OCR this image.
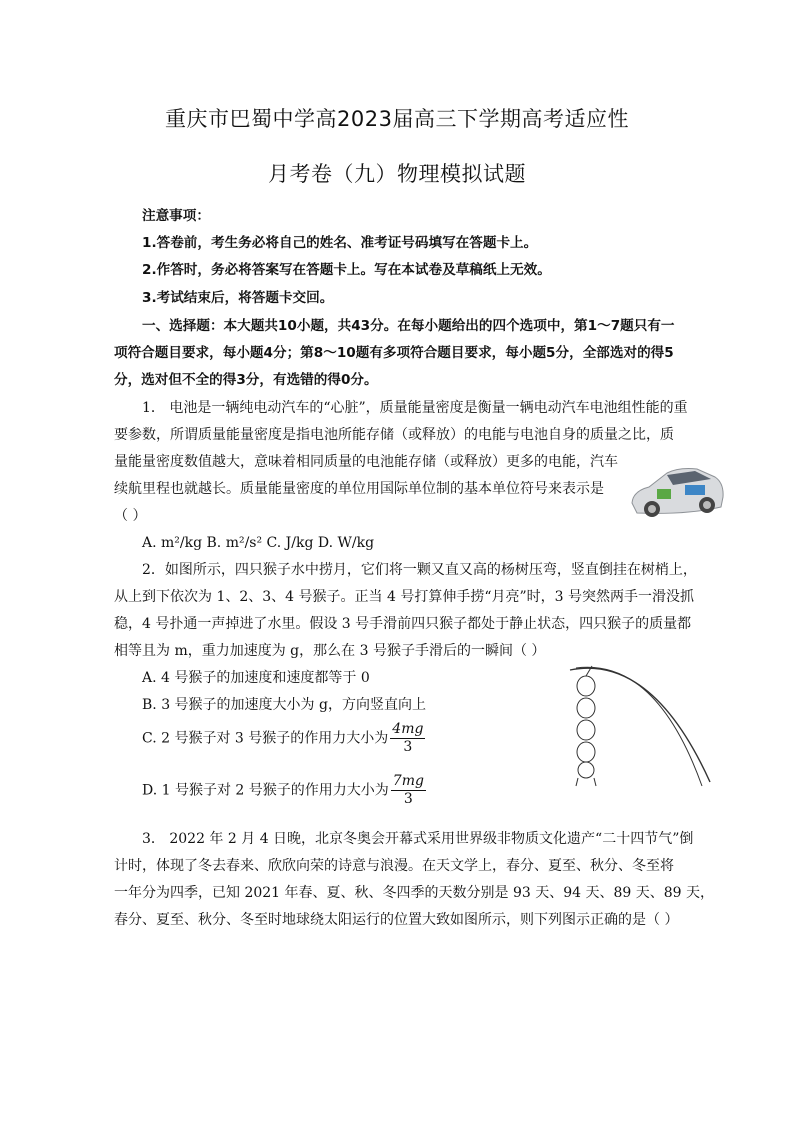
重庆市巴蜀中学高2023届高三下学期高考适应性
月考卷（九）物理模拟试题
注意事项：
1.答卷前，考生务必将自己的姓名、准考证号码填写在答题卡上。
2.作答时，务必将答案写在答题卡上。写在本试卷及草稿纸上无效。
3.考试结束后，将答题卡交回。
一、选择题：本大题共10小题，共43分。在每小题给出的四个选项中，第1～7题只有一
项符合题目要求，每小题4分；第8～10题有多项符合题目要求，每小题5分，全部选对的得5
分，选对但不全的得3分，有选错的得0分。
1． 电池是一辆纯电动汽车的“心脏”，质量能量密度是衡量一辆电动汽车电池组性能的重
要参数，所谓质量能量密度是指电池所能存储（或释放）的电能与电池自身的质量之比，质
量能量密度数值越大，意味着相同质量的电池能存储（或释放）更多的电能，汽车
续航里程也就越长。质量能量密度的单位用国际单位制的基本单位符号来表示是
（ ）
A. m²/kg B. m²/s² C. J/kg D. W/kg
2．如图所示，四只猴子水中捞月，它们将一颗又直又高的杨树压弯，竖直倒挂在树梢上，
从上到下依次为 1、2、3、4 号猴子。正当 4 号打算伸手捞“月亮”时，3 号突然两手一滑没抓
稳，4 号扑通一声掉进了水里。假设 3 号手滑前四只猴子都处于静止状态，四只猴子的质量都
相等且为 m，重力加速度为 g，那么在 3 号猴子手滑后的一瞬间（ ）
A. 4 号猴子的加速度和速度都等于 0
B. 3 号猴子的加速度大小为 g，方向竖直向上
C. 2 号猴子对 3 号猴子的作用力大小为 $\frac{4mg}{3}$
D. 1 号猴子对 2 号猴子的作用力大小为 $\frac{7mg}{3}$
3． 2022 年 2 月 4 日晚，北京冬奥会开幕式采用世界级非物质文化遗产“二十四节气”倒
计时，体现了冬去春来、欣欣向荣的诗意与浪漫。在天文学上，春分、夏至、秋分、冬至将
一年分为四季，已知 2021 年春、夏、秋、冬四季的天数分别是 93 天、94 天、89 天、89 天，
春分、夏至、秋分、冬至时地球绕太阳运行的位置大致如图所示，则下列图示正确的是（ ）
